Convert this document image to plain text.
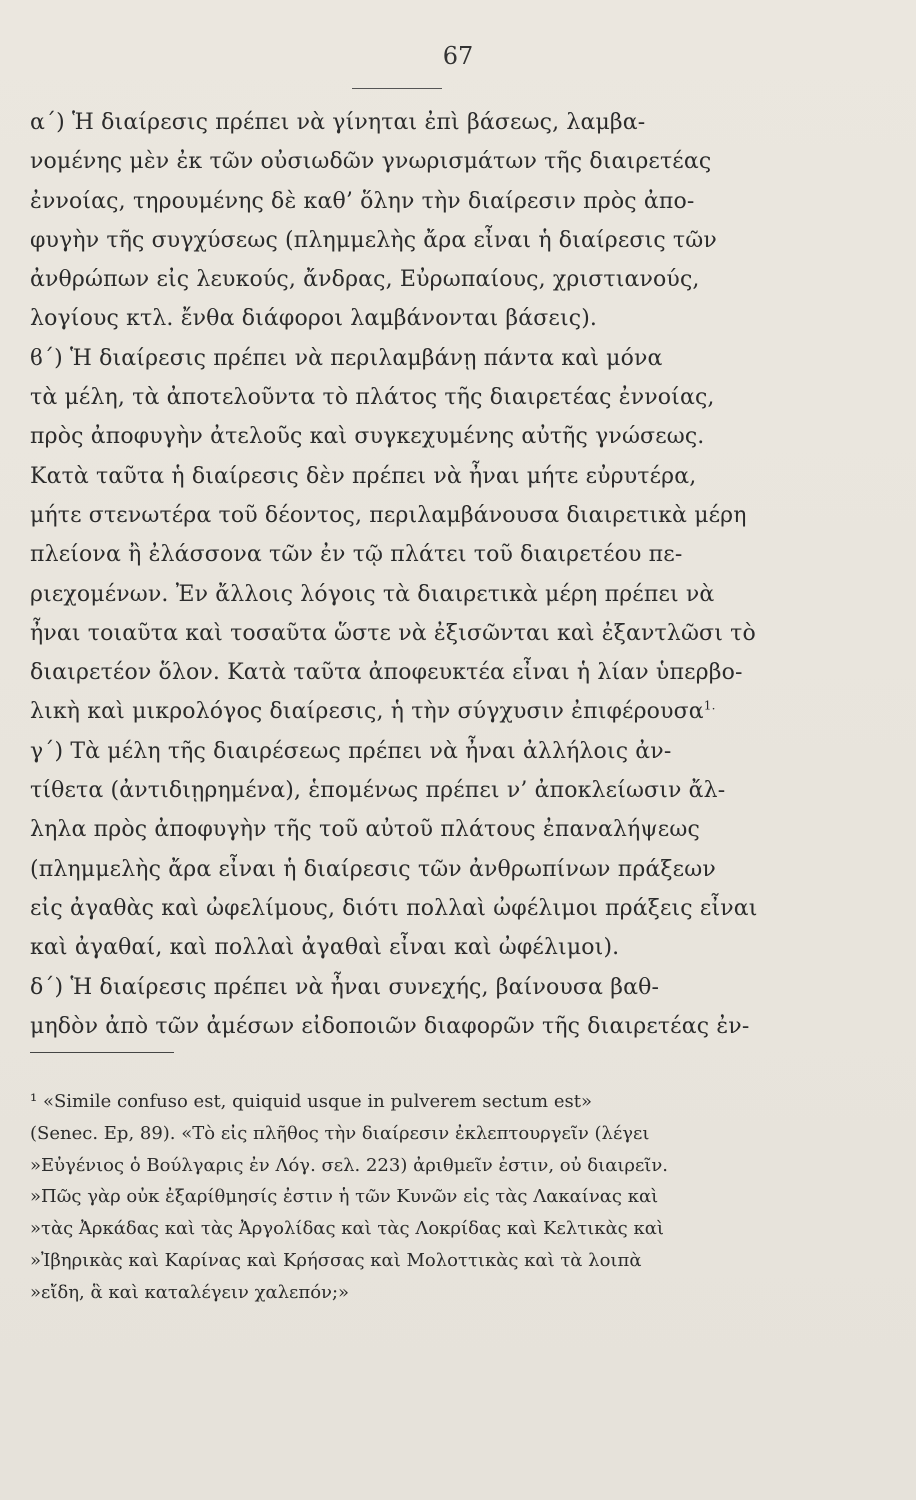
67
α΄) Ἡ διαίρεσις πρέπει νὰ γίνηται ἐπὶ βάσεως, λαμβα-
νομένης μὲν ἐκ τῶν οὐσιωδῶν γνωρισμάτων τῆς διαιρετέας
ἐννοίας, τηρουμένης δὲ καθ’ ὅλην τὴν διαίρεσιν πρὸς ἀπο-
φυγὴν τῆς συγχύσεως (πλημμελὴς ἄρα εἶναι ἡ διαίρεσις τῶν
ἀνθρώπων εἰς λευκούς, ἄνδρας, Εὐρωπαίους, χριστιανούς,
λογίους κτλ. ἔνθα διάφοροι λαμβάνονται βάσεις).
ϐ΄) Ἡ διαίρεσις πρέπει νὰ περιλαμβάνῃ πάντα καὶ μόνα
τὰ μέλη, τὰ ἀποτελοῦντα τὸ πλάτος τῆς διαιρετέας ἐννοίας,
πρὸς ἀποφυγὴν ἀτελοῦς καὶ συγκεχυμένης αὐτῆς γνώσεως.
Κατὰ ταῦτα ἡ διαίρεσις δὲν πρέπει νὰ ἦναι μήτε εὐρυτέρα,
μήτε στενωτέρα τοῦ δέοντος, περιλαμβάνουσα διαιρετικὰ μέρη
πλείονα ἢ ἐλάσσονα τῶν ἐν τῷ πλάτει τοῦ διαιρετέου πε-
ριεχομένων. Ἐν ἄλλοις λόγοις τὰ διαιρετικὰ μέρη πρέπει νὰ
ἦναι τοιαῦτα καὶ τοσαῦτα ὥστε νὰ ἐξισῶνται καὶ ἐξαντλῶσι τὸ
διαιρετέον ὅλον. Κατὰ ταῦτα ἀποφευκτέα εἶναι ἡ λίαν ὑπερβο-
λικὴ καὶ μικρολόγος διαίρεσις, ἡ τὴν σύγχυσιν ἐπιφέρουσα$^{1.}$
γ΄) Τὰ μέλη τῆς διαιρέσεως πρέπει νὰ ἦναι ἀλλήλοις ἀν-
τίθετα (ἀντιδιῃρημένα), ἑπομένως πρέπει ν’ ἀποκλείωσιν ἄλ-
ληλα πρὸς ἀποφυγὴν τῆς τοῦ αὐτοῦ πλάτους ἐπαναλήψεως
(πλημμελὴς ἄρα εἶναι ἡ διαίρεσις τῶν ἀνθρωπίνων πράξεων
εἰς ἀγαθὰς καὶ ὠφελίμους, διότι πολλαὶ ὠφέλιμοι πράξεις εἶναι
καὶ ἀγαθαί, καὶ πολλαὶ ἀγαθαὶ εἶναι καὶ ὠφέλιμοι).
δ΄) Ἡ διαίρεσις πρέπει νὰ ἦναι συνεχής, βαίνουσα βαθ-
μηδὸν ἀπὸ τῶν ἀμέσων εἰδοποιῶν διαφορῶν τῆς διαιρετέας ἐν-
¹ «Simile confuso est, quiquid usque in pulverem sectum est»
(Senec. Ep, 89). «Τὸ εἰς πλῆθος τὴν διαίρεσιν ἐκλεπτουργεῖν (λέγει
»Εὐγένιος ὁ Βούλγαρις ἐν Λόγ. σελ. 223) ἀριθμεῖν ἐστιν, οὐ διαιρεῖν.
»Πῶς γὰρ οὐκ ἐξαρίθμησίς ἐστιν ἡ τῶν Κυνῶν εἰς τὰς Λακαίνας καὶ
»τὰς Ἀρκάδας καὶ τὰς Ἀργολίδας καὶ τὰς Λοκρίδας καὶ Κελτικὰς καὶ
»Ἰβηρικὰς καὶ Καρίνας καὶ Κρήσσας καὶ Μολοττικὰς καὶ τὰ λοιπὰ
»εἴδη, ἃ καὶ καταλέγειν χαλεπόν;»
